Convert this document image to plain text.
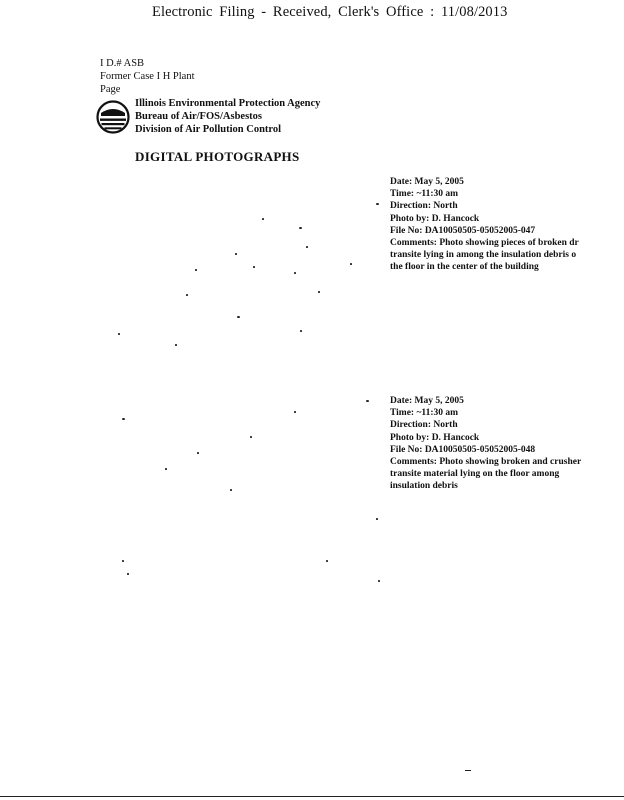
Electronic Filing - Received, Clerk's Office : 11/08/2013
I D.# ASB
Former Case I H Plant
Page
Illinois Environmental Protection Agency
Bureau of Air/FOS/Asbestos
Division of Air Pollution Control
DIGITAL PHOTOGRAPHS
Date: May 5, 2005
Time: ~11:30 am
Direction: North
Photo by: D. Hancock
File No: DA10050505-05052005-047
Comments: Photo showing pieces of broken dr
transite lying in among the insulation debris o
the floor in the center of the building
Date: May 5, 2005
Time: ~11:30 am
Direction: North
Photo by: D. Hancock
File No: DA10050505-05052005-048
Comments: Photo showing broken and crusher
transite material lying on the floor among
insulation debris
